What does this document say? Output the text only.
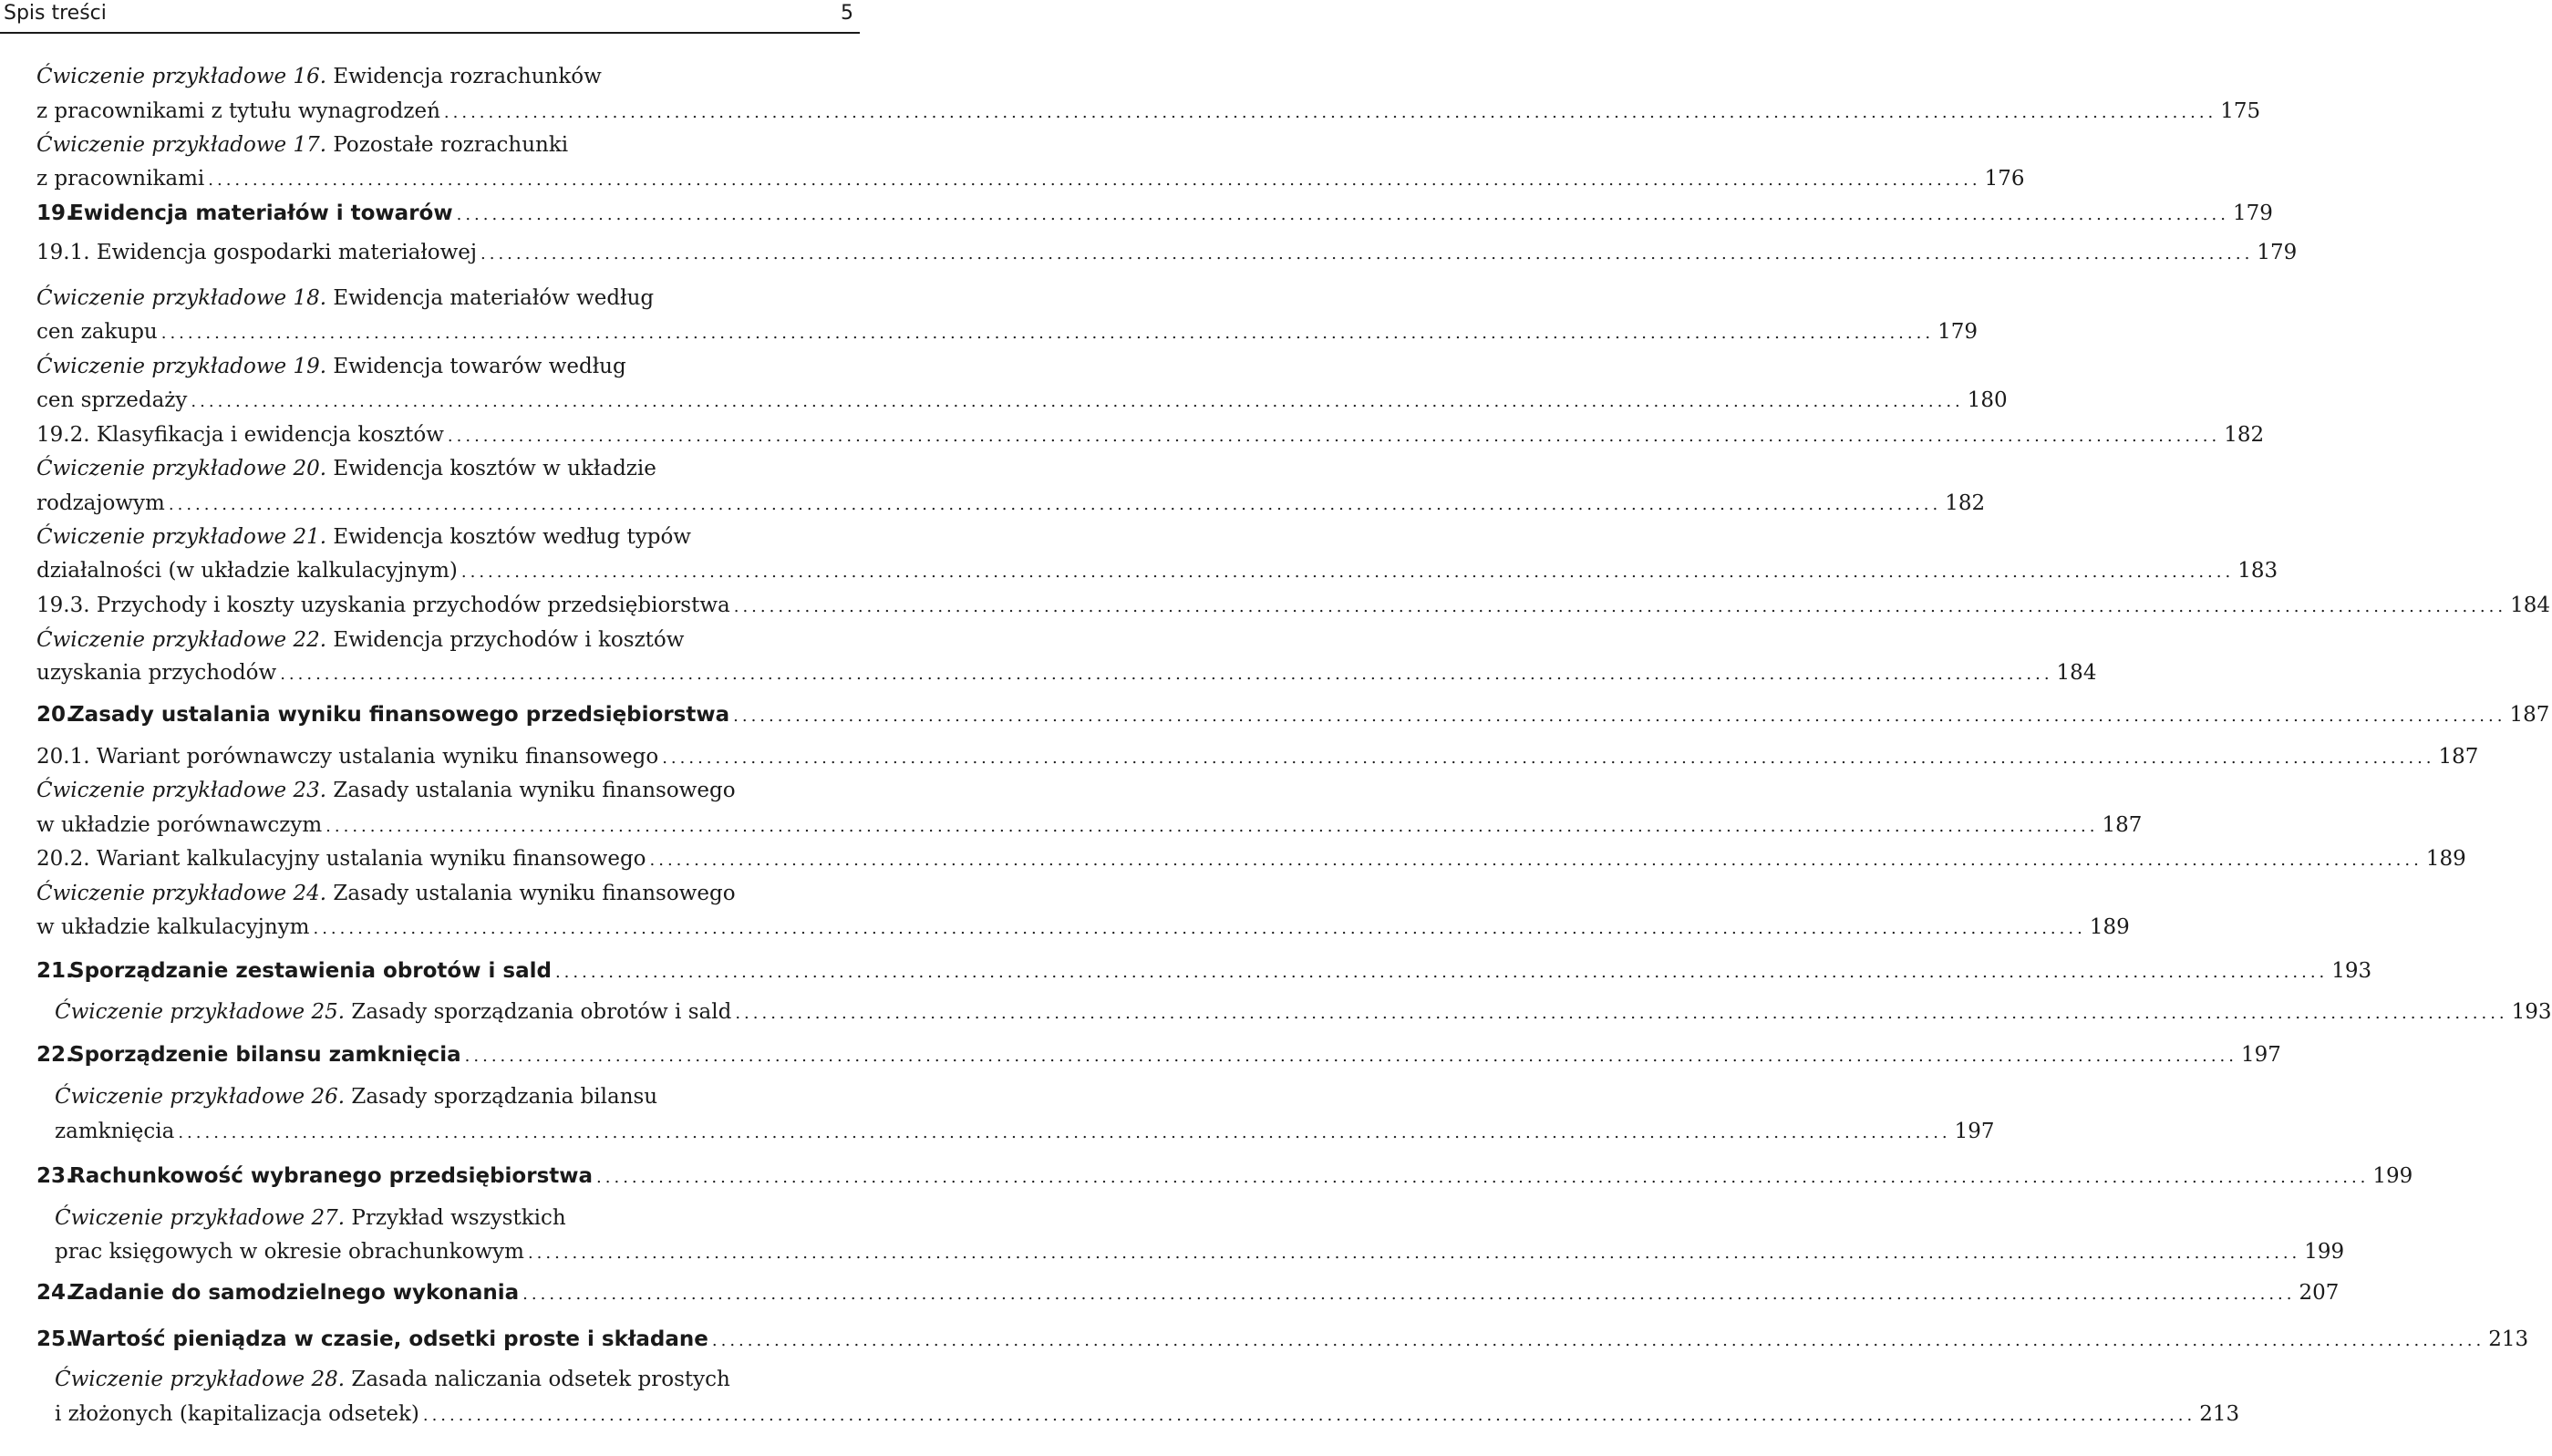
Spis treści	5
Ćwiczenie przykładowe 16. Ewidencja rozrachunków
z pracownikami z tytułu wynagrodzeń ........................................................................................................................................................................................................ 175
Ćwiczenie przykładowe 17. Pozostałe rozrachunki
z pracownikami ........................................................................................................................................................................................................ 176
19.
Ewidencja materiałów i towarów ........................................................................................................................................................................................................ 179
19.1. Ewidencja gospodarki materiałowej ........................................................................................................................................................................................................ 179
Ćwiczenie przykładowe 18. Ewidencja materiałów według
cen zakupu ........................................................................................................................................................................................................ 179
Ćwiczenie przykładowe 19. Ewidencja towarów według
cen sprzedaży ........................................................................................................................................................................................................ 180
19.2. Klasyfikacja i ewidencja kosztów ........................................................................................................................................................................................................ 182
Ćwiczenie przykładowe 20. Ewidencja kosztów w układzie
rodzajowym ........................................................................................................................................................................................................ 182
Ćwiczenie przykładowe 21. Ewidencja kosztów według typów
działalności (w układzie kalkulacyjnym) ........................................................................................................................................................................................................ 183
19.3. Przychody i koszty uzyskania przychodów przedsiębiorstwa ........................................................................................................................................................................................................ 184
Ćwiczenie przykładowe 22. Ewidencja przychodów i kosztów
uzyskania przychodów ........................................................................................................................................................................................................ 184
20.
Zasady ustalania wyniku finansowego przedsiębiorstwa ........................................................................................................................................................................................................ 187
20.1. Wariant porównawczy ustalania wyniku finansowego ........................................................................................................................................................................................................ 187
Ćwiczenie przykładowe 23. Zasady ustalania wyniku finansowego
w układzie porównawczym ........................................................................................................................................................................................................ 187
20.2. Wariant kalkulacyjny ustalania wyniku finansowego ........................................................................................................................................................................................................ 189
Ćwiczenie przykładowe 24. Zasady ustalania wyniku finansowego
w układzie kalkulacyjnym ........................................................................................................................................................................................................ 189
21.
Sporządzanie zestawienia obrotów i sald ........................................................................................................................................................................................................ 193
Ćwiczenie przykładowe 25. Zasady sporządzania obrotów i sald ........................................................................................................................................................................................................ 193
22.
Sporządzenie bilansu zamknięcia ........................................................................................................................................................................................................ 197
Ćwiczenie przykładowe 26. Zasady sporządzania bilansu
zamknięcia ........................................................................................................................................................................................................ 197
23.
Rachunkowość wybranego przedsiębiorstwa ........................................................................................................................................................................................................ 199
Ćwiczenie przykładowe 27. Przykład wszystkich
prac księgowych w okresie obrachunkowym ........................................................................................................................................................................................................ 199
24.
Zadanie do samodzielnego wykonania ........................................................................................................................................................................................................ 207
25.
Wartość pieniądza w czasie, odsetki proste i składane ........................................................................................................................................................................................................ 213
Ćwiczenie przykładowe 28. Zasada naliczania odsetek prostych
i złożonych (kapitalizacja odsetek) ........................................................................................................................................................................................................ 213
